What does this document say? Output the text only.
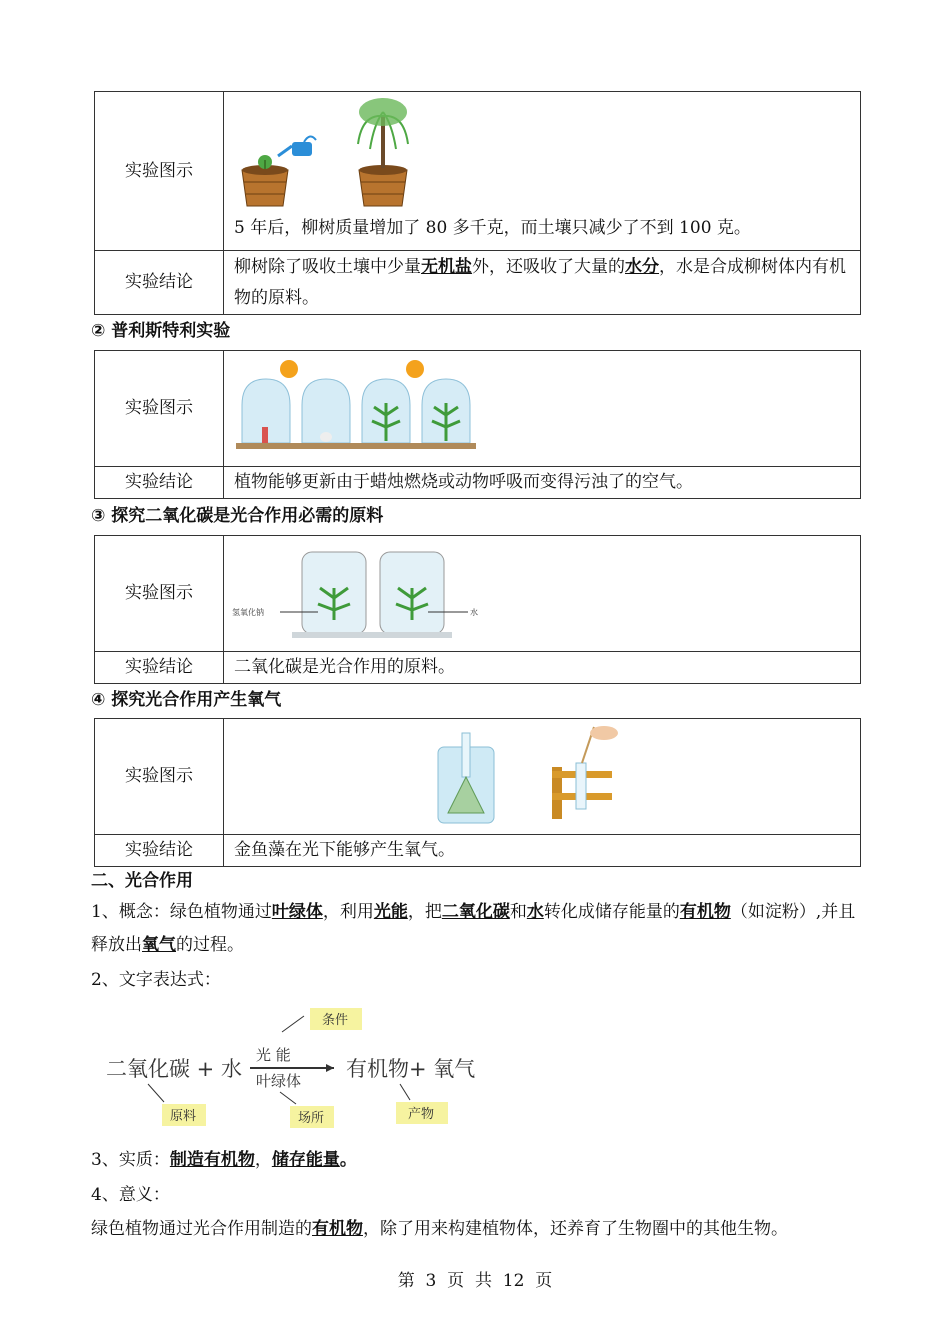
实验图示	5 年后，柳树质量增加了 80 多千克，而土壤只减少了不到 100 克。
实验结论	柳树除了吸收土壤中少量无机盐外，还吸收了大量的水分，水是合成柳树体内有机物的原料。
② 普利斯特利实验
实验图示	

实验结论	植物能够更新由于蜡烛燃烧或动物呼吸而变得污浊了的空气。
③ 探究二氧化碳是光合作用必需的原料
实验图示	氢氧化钠 水

实验结论	二氧化碳是光合作用的原料。
④ 探究光合作用产生氧气
实验图示	

实验结论	金鱼藻在光下能够产生氧气。
二、光合作用
1、概念：绿色植物通过叶绿体，利用光能，把二氧化碳和水转化成储存能量的有机物（如淀粉）,并且释放出氧气的过程。
2、文字表达式：
条件
二氧化碳 + 水
光 能
叶绿体 有机物+ 氧气
原料	场所	产物
3、实质：制造有机物，储存能量。
4、意义：
绿色植物通过光合作用制造的有机物，除了用来构建植物体，还养育了生物圈中的其他生物。
第  3  页  共  12  页
